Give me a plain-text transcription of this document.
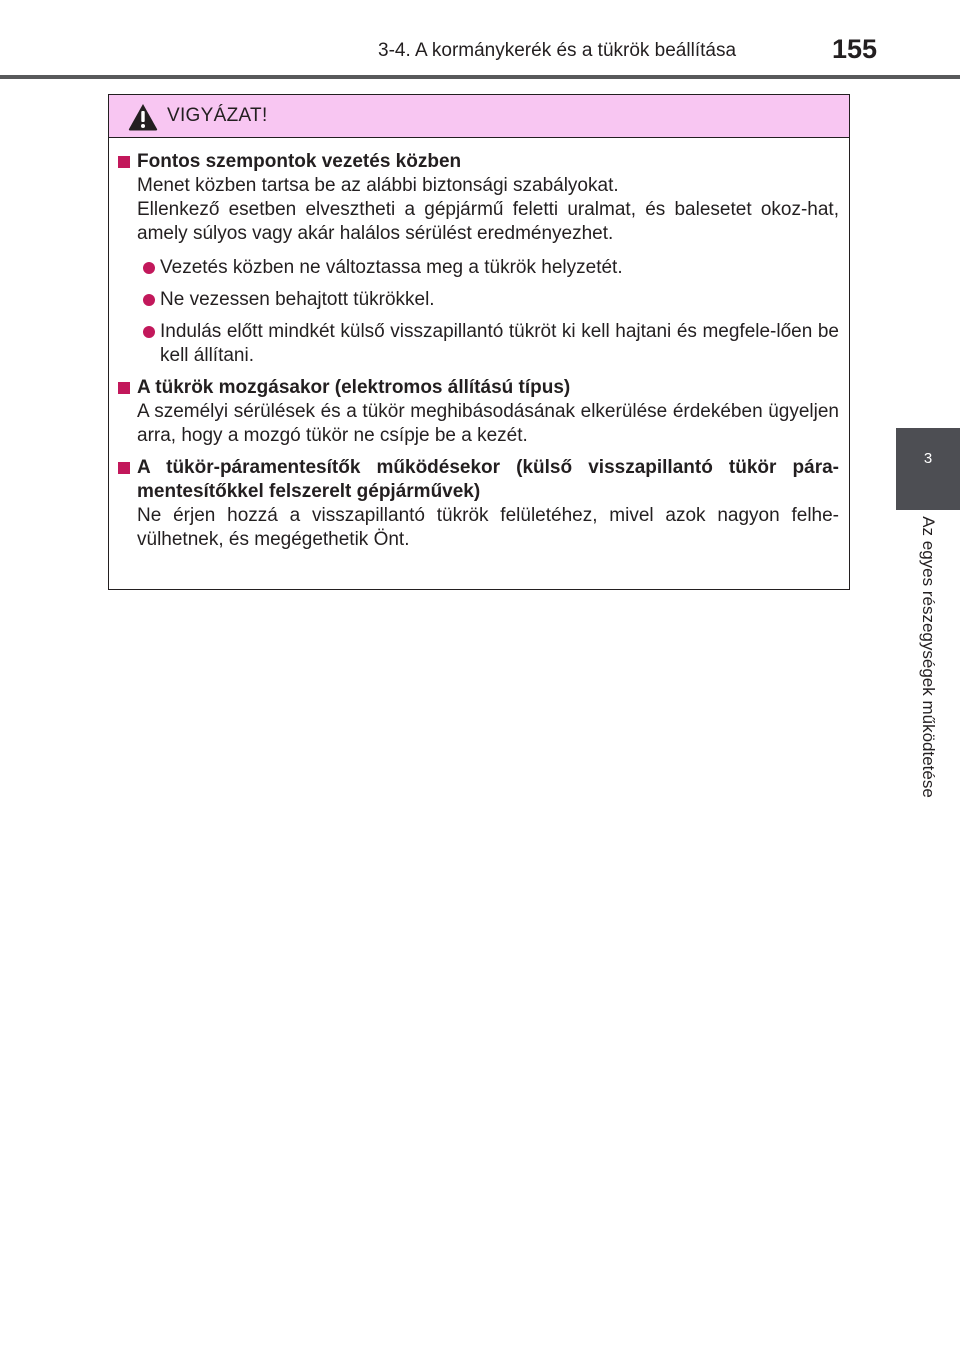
3-4. A kormánykerék és a tükrök beállítása	155
3
Az egyes részegységek működtetése
VIGYÁZAT!
Fontos szempontok vezetés közben

Menet közben tartsa be az alábbi biztonsági szabályokat.

Ellenkező esetben elvesztheti a gépjármű feletti uralmat, és balesetet okoz-hat, amely súlyos vagy akár halálos sérülést eredményezhet.

Vezetés közben ne változtassa meg a tükrök helyzetét.
Ne vezessen behajtott tükrökkel.
Indulás előtt mindkét külső visszapillantó tükröt ki kell hajtani és megfele-lően be kell állítani.
A tükrök mozgásakor (elektromos állítású típus)

A személyi sérülések és a tükör meghibásodásának elkerülése érdekében ügyeljen arra, hogy a mozgó tükör ne csípje be a kezét.

A tükör-páramentesítők működésekor (külső visszapillantó tükör pára-mentesítőkkel felszerelt gépjárművek)

Ne érjen hozzá a visszapillantó tükrök felületéhez, mivel azok nagyon felhe-vülhetnek, és megégethetik Önt.
